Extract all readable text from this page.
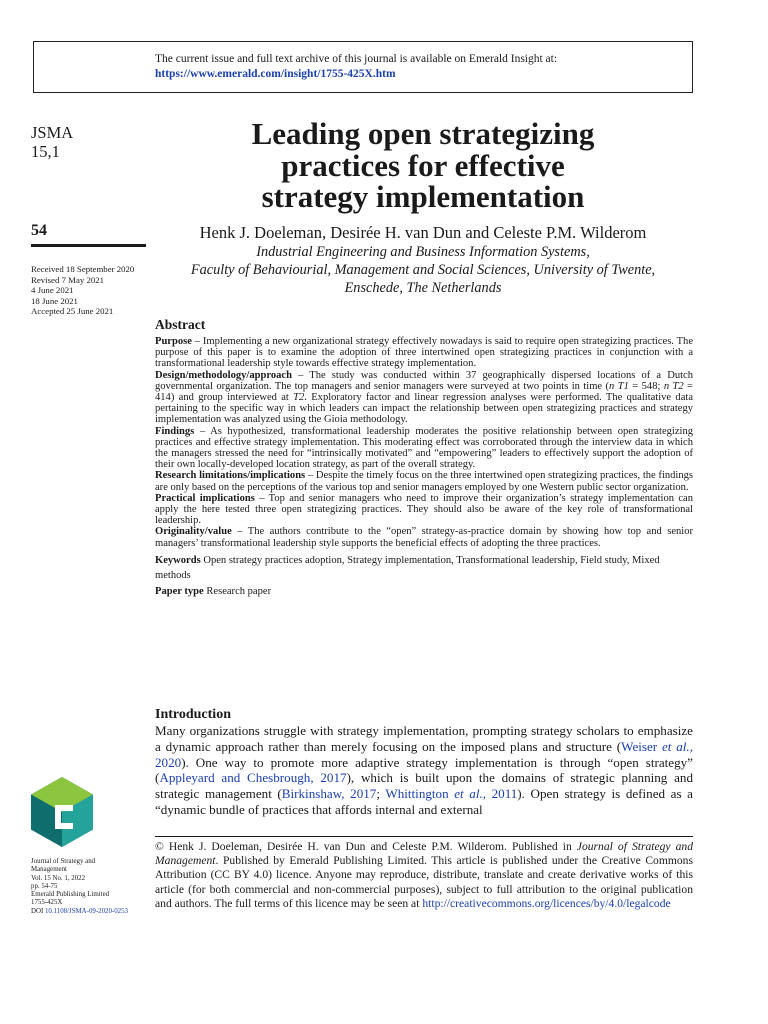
The current issue and full text archive of this journal is available on Emerald Insight at:
https://www.emerald.com/insight/1755-425X.htm
JSMA
15,1
54
Received 18 September 2020
Revised 7 May 2021
4 June 2021
18 June 2021
Accepted 25 June 2021
Leading open strategizing
practices for effective
strategy implementation
Henk J. Doeleman, Desirée H. van Dun and Celeste P.M. Wilderom
Industrial Engineering and Business Information Systems,
Faculty of Behaviourial, Management and Social Sciences, University of Twente,
Enschede, The Netherlands
Abstract

Purpose – Implementing a new organizational strategy effectively nowadays is said to require open strategizing practices. The purpose of this paper is to examine the adoption of three intertwined open strategizing practices in conjunction with a transformational leadership style towards effective strategy implementation.

Design/methodology/approach – The study was conducted within 37 geographically dispersed locations of a Dutch governmental organization. The top managers and senior managers were surveyed at two points in time (n T1 = 548; n T2 = 414) and group interviewed at T2. Exploratory factor and linear regression analyses were performed. The qualitative data pertaining to the specific way in which leaders can impact the relationship between open strategizing practices and strategy implementation was analyzed using the Gioia methodology.

Findings – As hypothesized, transformational leadership moderates the positive relationship between open strategizing practices and effective strategy implementation. This moderating effect was corroborated through the interview data in which the managers stressed the need for “intrinsically motivated” and “empowering” leaders to effectively support the adoption of their own locally-developed location strategy, as part of the overall strategy.

Research limitations/implications – Despite the timely focus on the three intertwined open strategizing practices, the findings are only based on the perceptions of the various top and senior managers employed by one Western public sector organization.

Practical implications – Top and senior managers who need to improve their organization’s strategy implementation can apply the here tested three open strategizing practices. They should also be aware of the key role of transformational leadership.

Originality/value – The authors contribute to the “open” strategy-as-practice domain by showing how top and senior managers’ transformational leadership style supports the beneficial effects of adopting the three practices.

Keywords Open strategy practices adoption, Strategy implementation, Transformational leadership, Field study, Mixed methods

Paper type Research paper

Introduction

Many organizations struggle with strategy implementation, prompting strategy scholars to emphasize a dynamic approach rather than merely focusing on the imposed plans and structure (Weiser et al., 2020). One way to promote more adaptive strategy implementation is through “open strategy” (Appleyard and Chesbrough, 2017), which is built upon the domains of strategic planning and strategic management (Birkinshaw, 2017; Whittington et al., 2011). Open strategy is defined as a “dynamic bundle of practices that affords internal and external

© Henk J. Doeleman, Desirée H. van Dun and Celeste P.M. Wilderom. Published in Journal of Strategy and Management. Published by Emerald Publishing Limited. This article is published under the Creative Commons Attribution (CC BY 4.0) licence. Anyone may reproduce, distribute, translate and create derivative works of this article (for both commercial and non-commercial purposes), subject to full attribution to the original publication and authors. The full terms of this licence may be seen at http://creativecommons.org/licences/by/4.0/legalcode
Journal of Strategy and
Management
Vol. 15 No. 1, 2022
pp. 54-75
Emerald Publishing Limited
1755-425X
DOI 10.1108/JSMA-09-2020-0253
